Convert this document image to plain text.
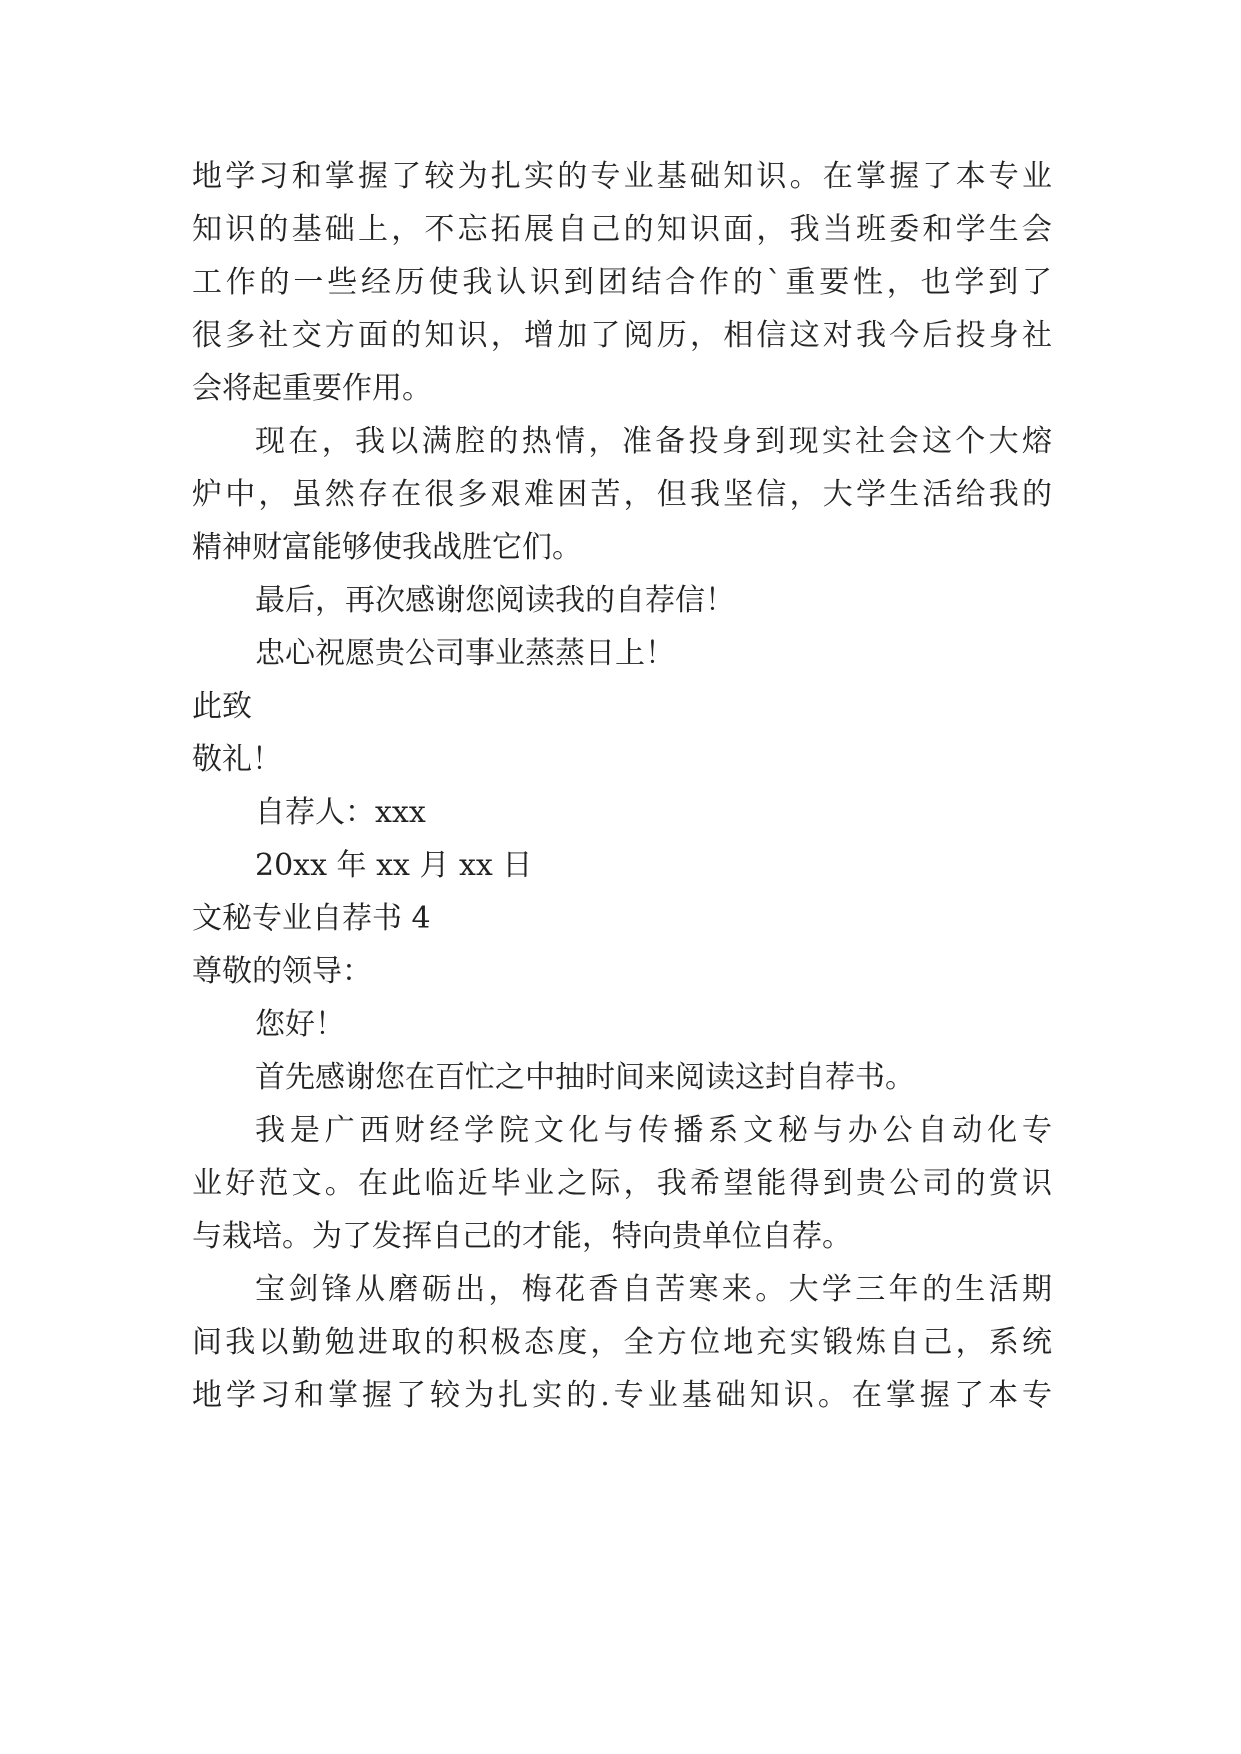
地学习和掌握了较为扎实的专业基础知识。在掌握了本专业
知识的基础上，不忘拓展自己的知识面，我当班委和学生会
工作的一些经历使我认识到团结合作的`重要性，也学到了
很多社交方面的知识，增加了阅历，相信这对我今后投身社
会将起重要作用。
现在，我以满腔的热情，准备投身到现实社会这个大熔
炉中，虽然存在很多艰难困苦，但我坚信，大学生活给我的
精神财富能够使我战胜它们。
最后，再次感谢您阅读我的自荐信！
忠心祝愿贵公司事业蒸蒸日上！
此致
敬礼！
自荐人：xxx
20xx 年 xx 月 xx 日
文秘专业自荐书 4
尊敬的领导：
您好！
首先感谢您在百忙之中抽时间来阅读这封自荐书。
我是广西财经学院文化与传播系文秘与办公自动化专
业好范文。在此临近毕业之际，我希望能得到贵公司的赏识
与栽培。为了发挥自己的才能，特向贵单位自荐。
宝剑锋从磨砺出，梅花香自苦寒来。大学三年的生活期
间我以勤勉进取的积极态度，全方位地充实锻炼自己，系统
地学习和掌握了较为扎实的.专业基础知识。在掌握了本专
